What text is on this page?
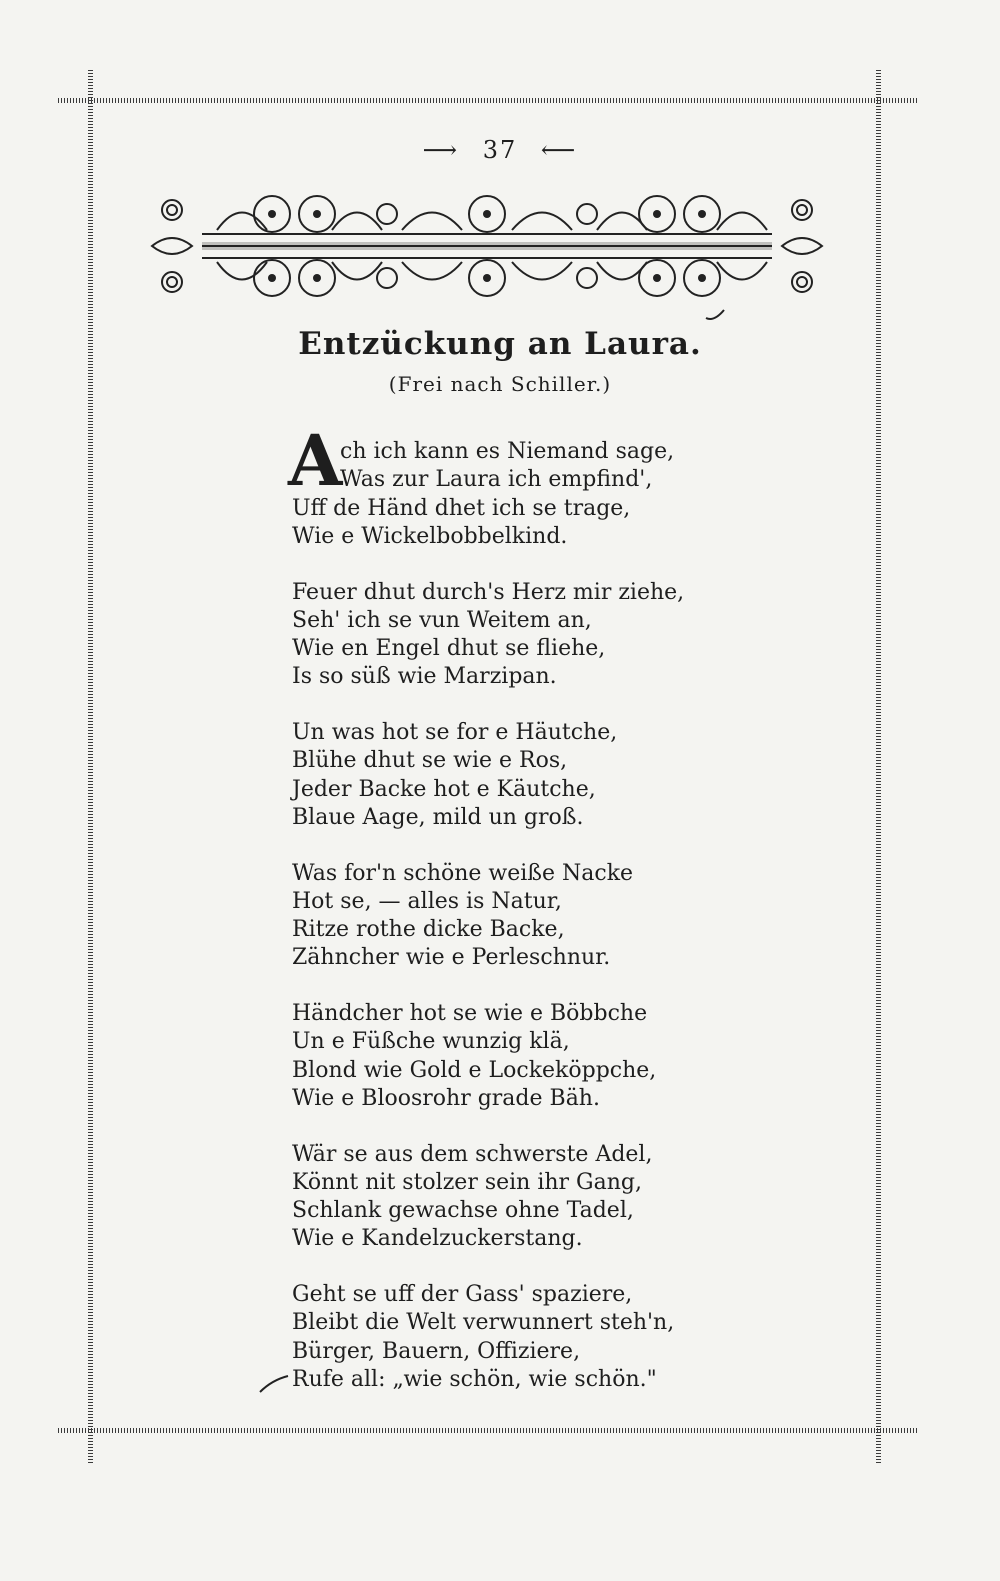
⟶ 37 ⟵
Entzückung an Laura.
(Frei nach Schiller.)
A
ch ich kann es Niemand sage,
Was zur Laura ich empfind',
Uff de Händ dhet ich se trage,
Wie e Wickelbobbelkind.
Feuer dhut durch's Herz mir ziehe,
Seh' ich se vun Weitem an,
Wie en Engel dhut se fliehe,
Is so süß wie Marzipan.
Un was hot se for e Häutche,
Blühe dhut se wie e Ros,
Jeder Backe hot e Käutche,
Blaue Aage, mild un groß.
Was for'n schöne weiße Nacke
Hot se, — alles is Natur,
Ritze rothe dicke Backe,
Zähncher wie e Perleschnur.
Händcher hot se wie e Böbbche
Un e Füßche wunzig klä,
Blond wie Gold e Lockeköppche,
Wie e Bloosrohr grade Bäh.
Wär se aus dem schwerste Adel,
Könnt nit stolzer sein ihr Gang,
Schlank gewachse ohne Tadel,
Wie e Kandelzuckerstang.
Geht se uff der Gass' spaziere,
Bleibt die Welt verwunnert steh'n,
Bürger, Bauern, Offiziere,
Rufe all: „wie schön, wie schön."
